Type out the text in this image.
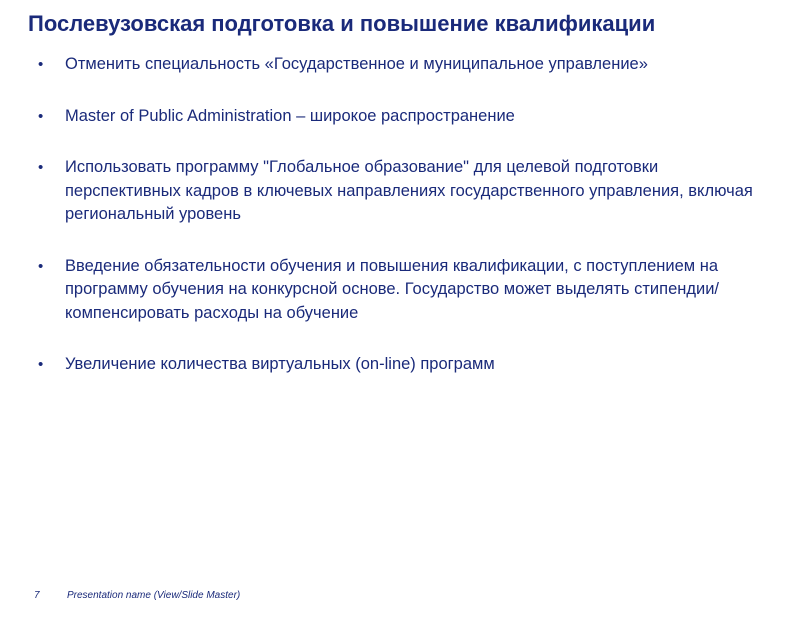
Послевузовская подготовка и повышение квалификации
• Отменить специальность «Государственное и муниципальное управление»
• Master of Public Administration – широкое распространение
• Использовать программу "Глобальное образование" для целевой подготовки перспективных кадров в ключевых направлениях государственного управления, включая региональный уровень
• Введение обязательности обучения и повышения квалификации, с поступлением на программу обучения на конкурсной основе. Государство может выделять стипендии/компенсировать расходы на обучение
• Увеличение количества виртуальных (on-line) программ
7	Presentation name (View/Slide Master)
